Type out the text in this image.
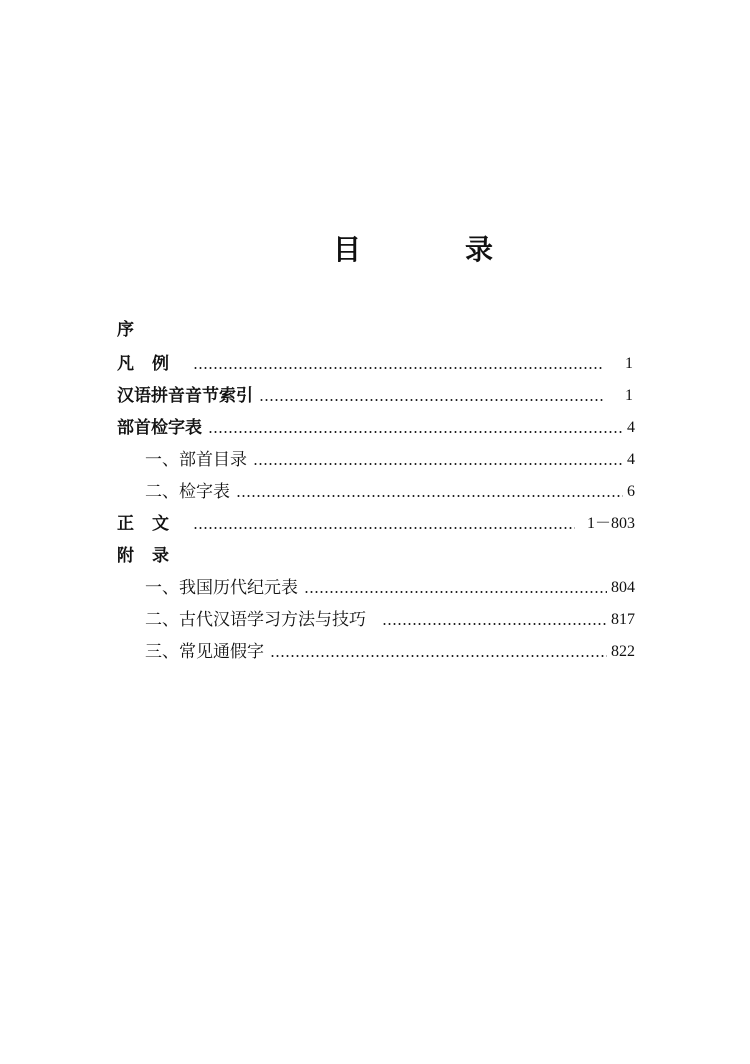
目　录
序
凡例	1
汉语拼音音节索引	1
部首检字表	4
一、部首目录	4
二、检字表	6
正文	1－803
附录
一、我国历代纪元表	804
二、古代汉语学习方法与技巧	817
三、常见通假字	822
